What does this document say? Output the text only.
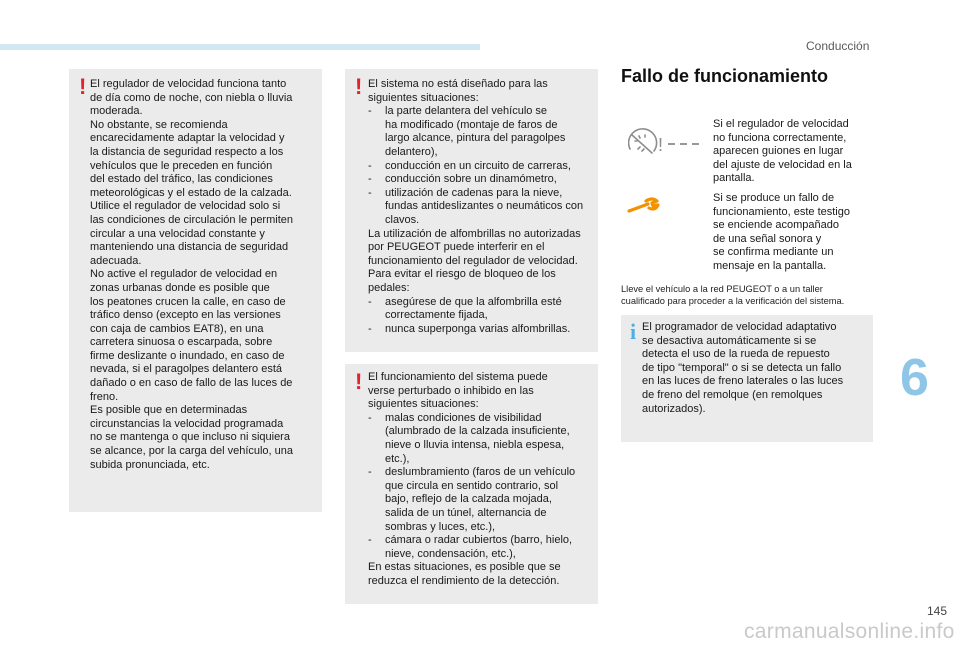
Conducción
! El regulador de velocidad funciona tanto

de día como de noche, con niebla o lluvia

moderada.

No obstante, se recomienda

encarecidamente adaptar la velocidad y

la distancia de seguridad respecto a los

vehículos que le preceden en función

del estado del tráfico, las condiciones

meteorológicas y el estado de la calzada.

Utilice el regulador de velocidad solo si

las condiciones de circulación le permiten

circular a una velocidad constante y

manteniendo una distancia de seguridad

adecuada.

No active el regulador de velocidad en

zonas urbanas donde es posible que

los peatones crucen la calle, en caso de

tráfico denso (excepto en las versiones

con caja de cambios EAT8), en una

carretera sinuosa o escarpada, sobre

firme deslizante o inundado, en caso de

nevada, si el paragolpes delantero está

dañado o en caso de fallo de las luces de

freno.

Es posible que en determinadas

circunstancias la velocidad programada

no se mantenga o que incluso ni siquiera

se alcance, por la carga del vehículo, una

subida pronunciada, etc.

! El sistema no está diseñado para las

siguientes situaciones:

-	la parte delantera del vehículo se

ha modificado (montaje de faros de

largo alcance, pintura del paragolpes

delantero),

-	conducción en un circuito de carreras,

-	conducción sobre un dinamómetro,

-	utilización de cadenas para la nieve,

fundas antideslizantes o neumáticos con

clavos.

La utilización de alfombrillas no autorizadas

por PEUGEOT puede interferir en el

funcionamiento del regulador de velocidad.

Para evitar el riesgo de bloqueo de los

pedales:

-	asegúrese de que la alfombrilla esté

correctamente fijada,

-	nunca superponga varias alfombrillas.

! El funcionamiento del sistema puede

verse perturbado o inhibido en las

siguientes situaciones:

-	malas condiciones de visibilidad

(alumbrado de la calzada insuficiente,

nieve o lluvia intensa, niebla espesa,

etc.),

-	deslumbramiento (faros de un vehículo

que circula en sentido contrario, sol

bajo, reflejo de la calzada mojada,

salida de un túnel, alternancia de

sombras y luces, etc.),

-	cámara o radar cubiertos (barro, hielo,

nieve, condensación, etc.),

En estas situaciones, es posible que se

reduzca el rendimiento de la detección.

Fallo de funcionamiento
!

Si el regulador de velocidad

no funciona correctamente,

aparecen guiones en lugar

del ajuste de velocidad en la

pantalla.

Si se produce un fallo de

funcionamiento, este testigo

se enciende acompañado

de una señal sonora y

se confirma mediante un

mensaje en la pantalla.

Lleve el vehículo a la red PEUGEOT o a un taller

cualificado para proceder a la verificación del sistema.

i El programador de velocidad adaptativo

se desactiva automáticamente si se

detecta el uso de la rueda de repuesto

de tipo "temporal" o si se detecta un fallo

en las luces de freno laterales o las luces

de freno del remolque (en remolques

autorizados).

6
145
carmanualsonline.info
